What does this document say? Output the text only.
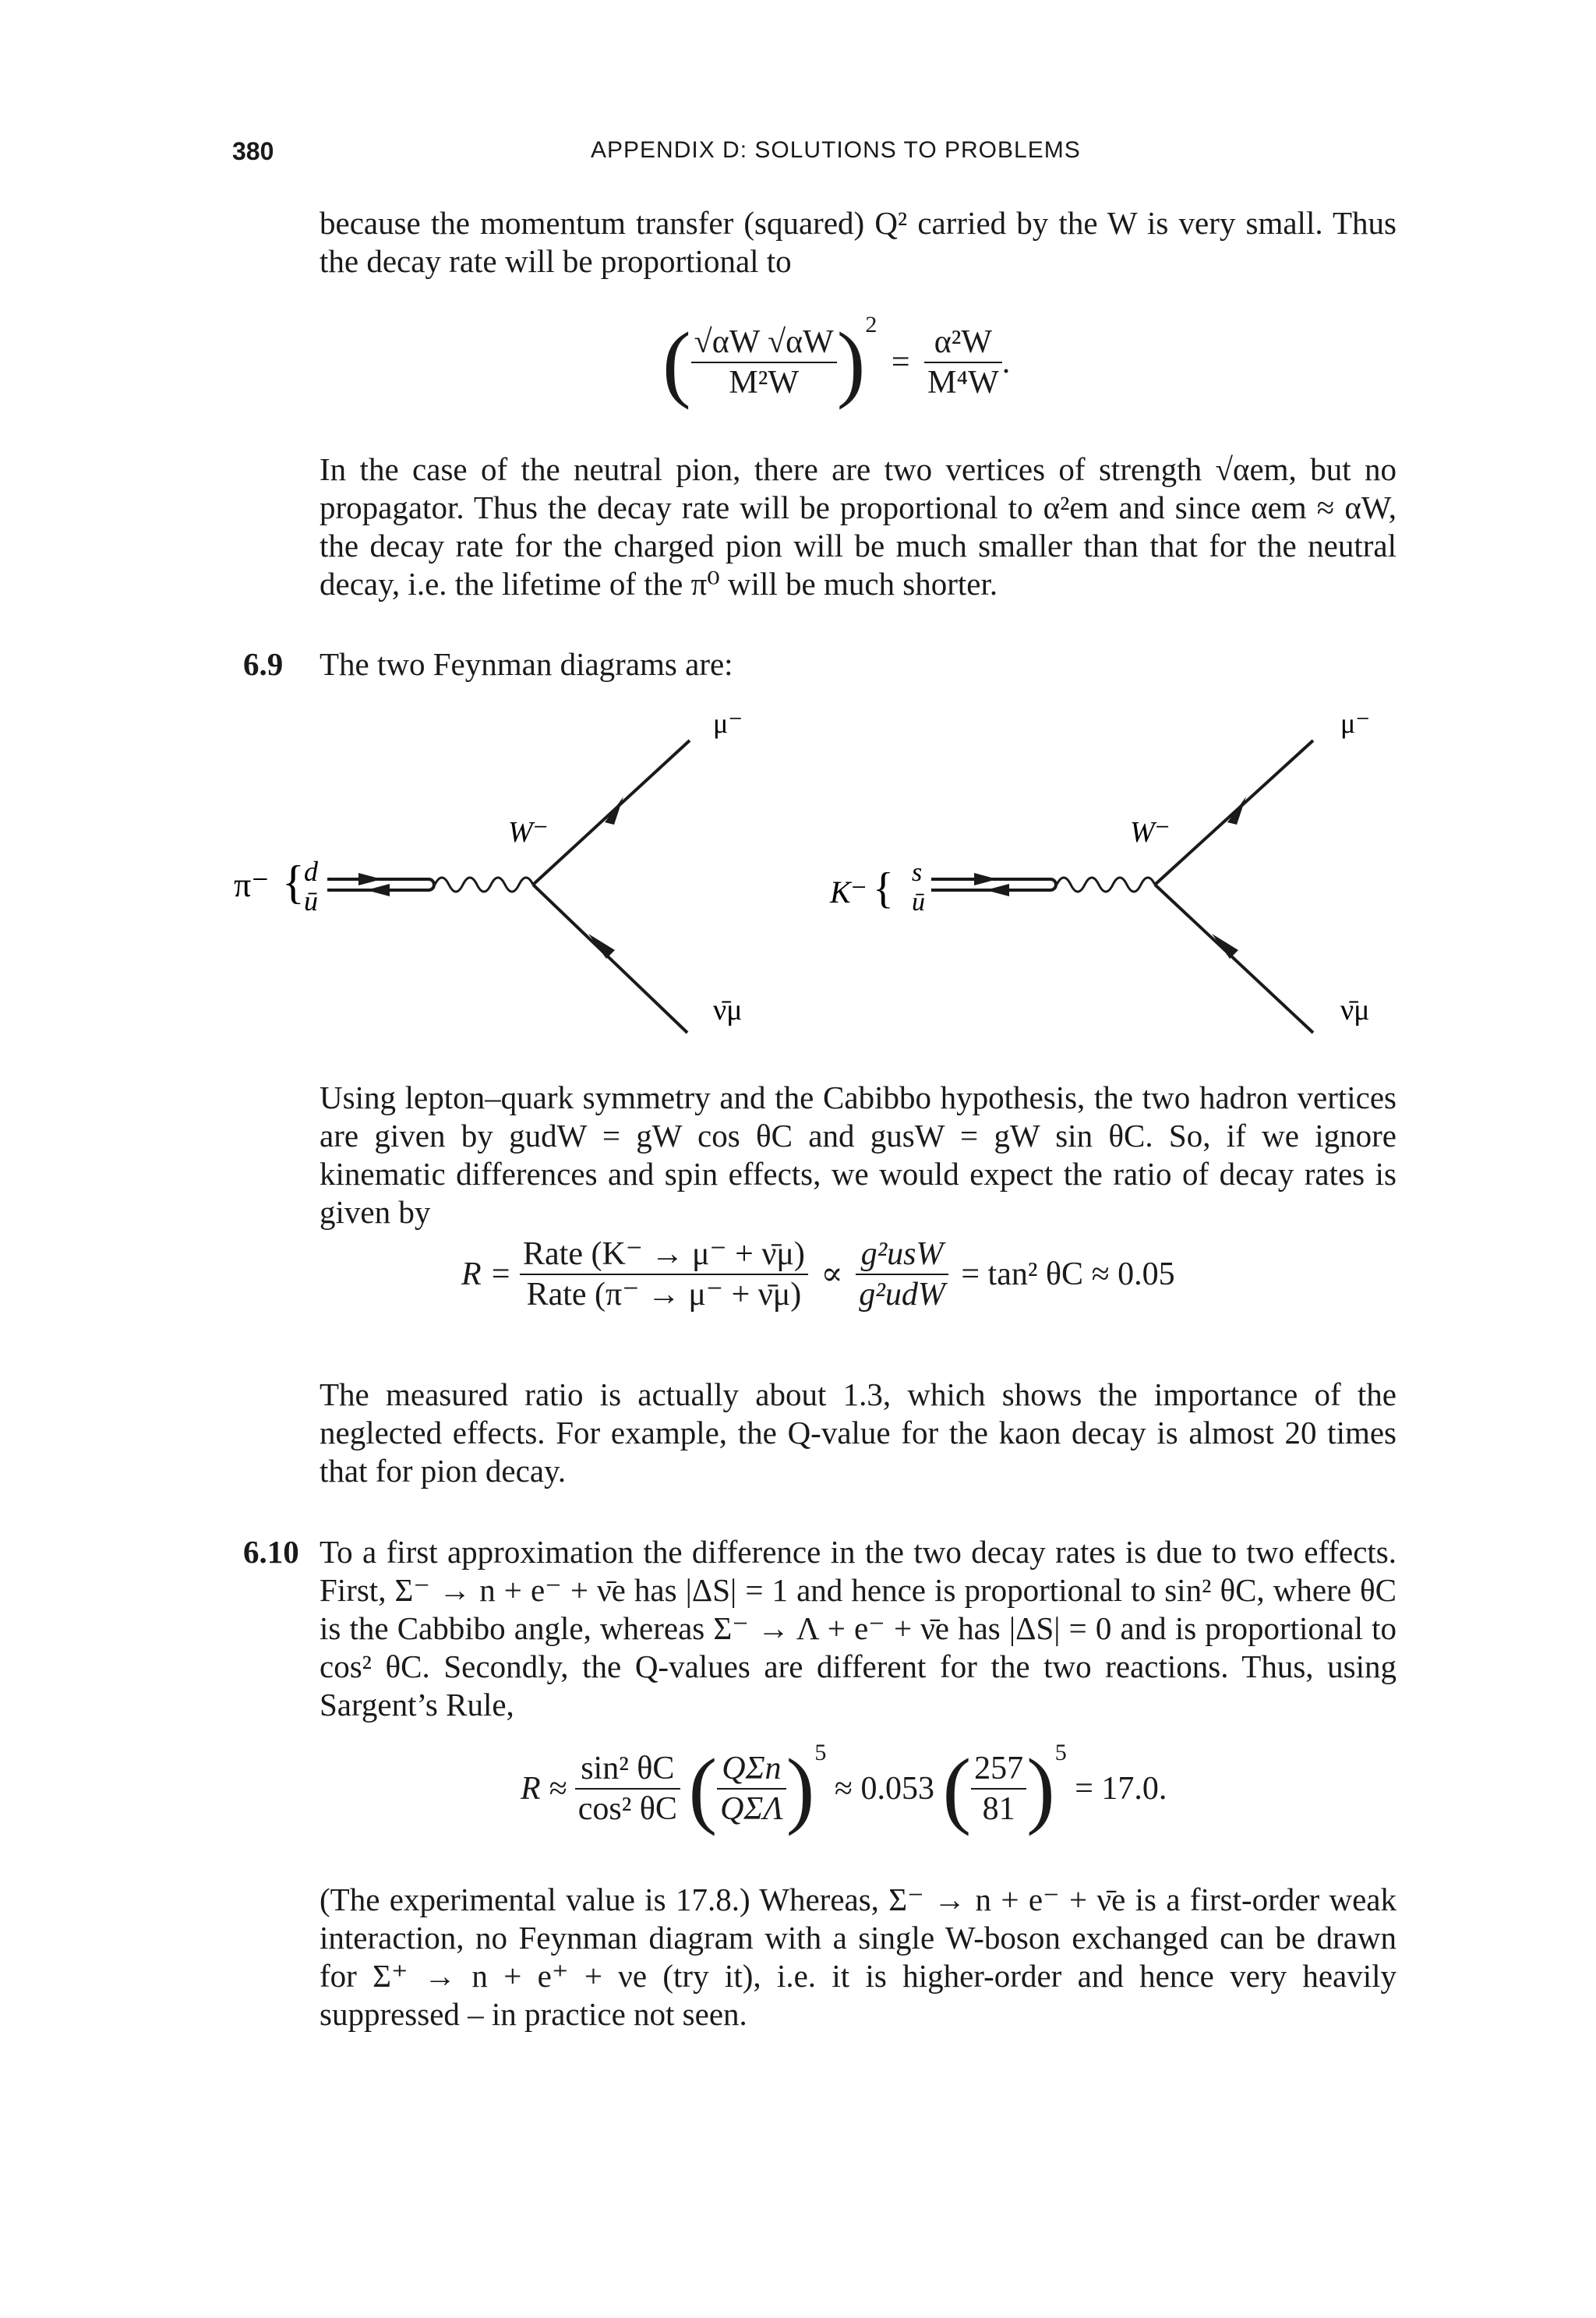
380	APPENDIX D: SOLUTIONS TO PROBLEMS
because the momentum transfer (squared) Q² carried by the W is very small. Thus
the decay rate will be proportional to
( $\frac{√\alpha W √\alpha W}{\text{M²W}} )^2 = \frac{\text{α²W}}{\text{M⁴W}}$ .

In the case of the neutral pion, there are two vertices of strength √αem, but no propagator. Thus the decay rate will be proportional to α²em and since αem ≈ αW, the decay rate for the charged pion will be much smaller than that for the neutral decay, i.e. the lifetime of the π⁰ will be much shorter.

6.9 The two Feynman diagrams are:

π⁻ { d
ū
W⁻
μ⁻
ν̄μ
K⁻ { s
ū
W⁻
μ⁻
ν̄μ

Using lepton–quark symmetry and the Cabibbo hypothesis, the two hadron vertices are given by gudW = gW cos θC and gusW = gW sin θC. So, if we ignore kinematic differences and spin effects, we would expect the ratio of decay rates is given by

$R = \frac{\text{Rate (K⁻ → μ⁻ + ν̄μ)}}{\text{Rate (π⁻ → μ⁻ + ν̄μ)}} \propto \frac{\text{g²usW}}{\text{g²udW}} = \tan^2$ θC ≈ 0.05

The measured ratio is actually about 1.3, which shows the importance of the neglected effects. For example, the Q-value for the kaon decay is almost 20 times that for pion decay.

6.10 To a first approximation the difference in the two decay rates is due to two effects. First, Σ⁻ → n + e⁻ + ν̄e has |ΔS| = 1 and hence is proportional to sin² θC, where θC is the Cabbibo angle, whereas Σ⁻ → Λ + e⁻ + ν̄e has |ΔS| = 0 and is proportional to cos² θC. Secondly, the Q-values are different for the two reactions. Thus, using Sargent’s Rule,

$R \approx \frac{\text{sin² θC}}{\text{cos² θC}}$ ( $\frac{\text{QΣn}}{\text{QΣΛ}} )^5 \approx 0.053$ ( $\frac{257}{81} )^5 = 17.0$.

(The experimental value is 17.8.) Whereas, Σ⁻ → n + e⁻ + ν̄e is a first-order weak interaction, no Feynman diagram with a single W-boson exchanged can be drawn for Σ⁺ → n + e⁺ + νe (try it), i.e. it is higher-order and hence very heavily suppressed – in practice not seen.
